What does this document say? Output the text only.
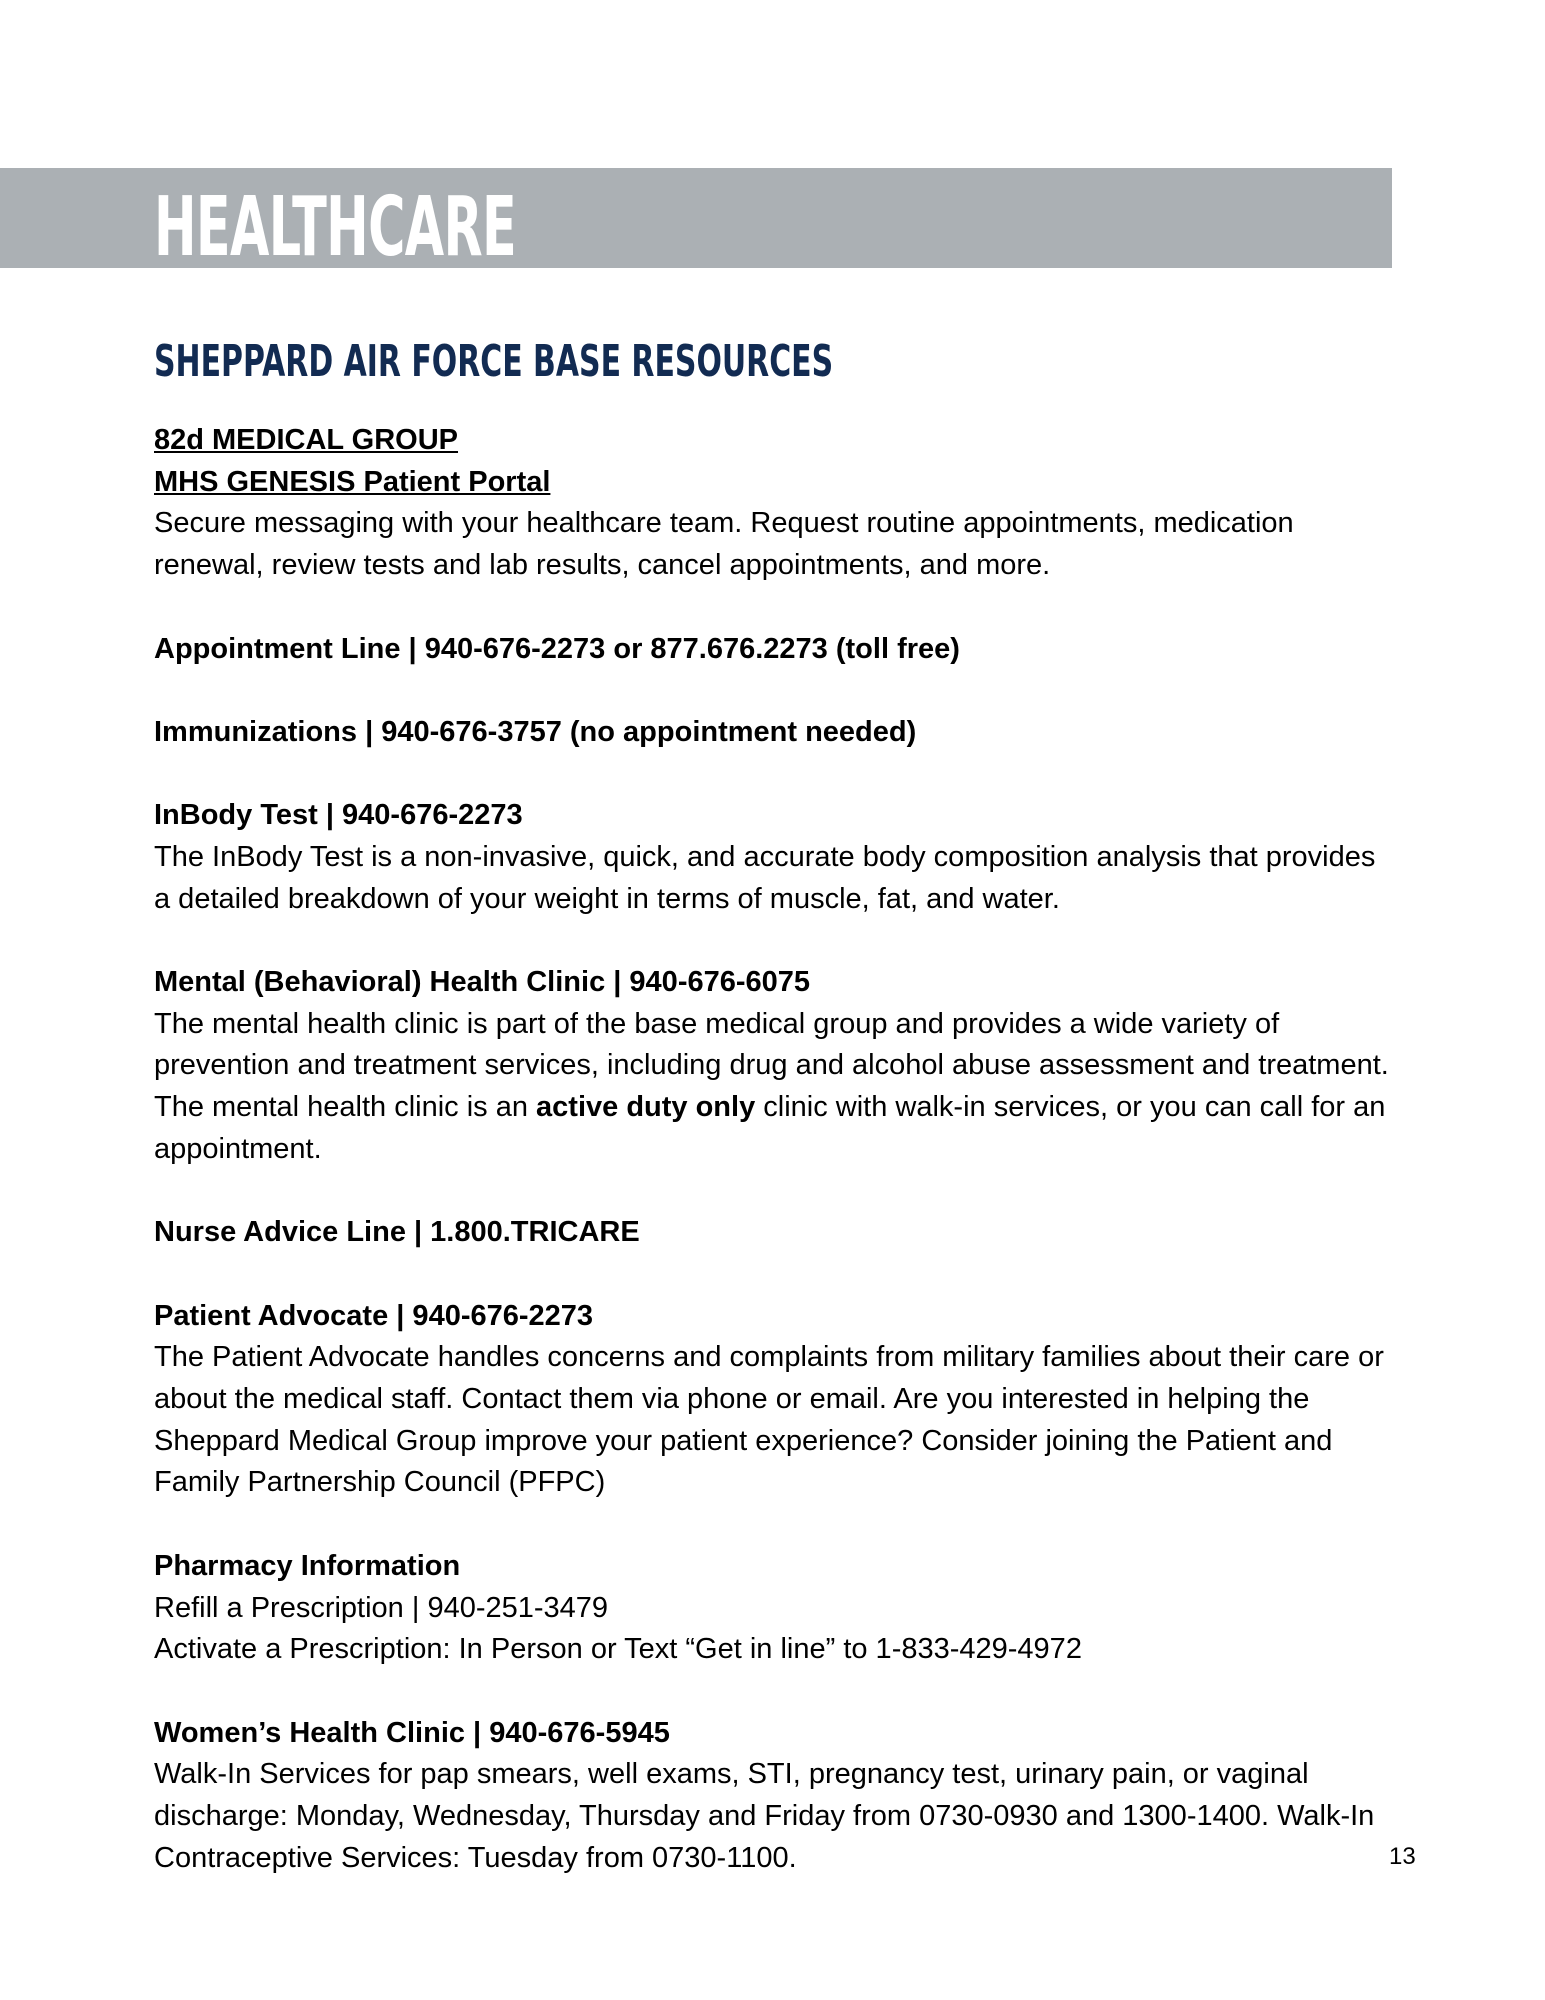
HEALTHCARE
SHEPPARD AIR FORCE BASE RESOURCES

82d MEDICAL GROUP

MHS GENESIS Patient Portal

Secure messaging with your healthcare team. Request routine appointments, medication renewal, review tests and lab results, cancel appointments, and more.

Appointment Line | 940-676-2273 or 877.676.2273 (toll free)

Immunizations | 940-676-3757 (no appointment needed)

InBody Test | 940-676-2273

The InBody Test is a non-invasive, quick, and accurate body composition analysis that provides a detailed breakdown of your weight in terms of muscle, fat, and water.

Mental (Behavioral) Health Clinic | 940-676-6075

The mental health clinic is part of the base medical group and provides a wide variety of prevention and treatment services, including drug and alcohol abuse assessment and treatment. The mental health clinic is an active duty only clinic with walk-in services, or you can call for an appointment.

Nurse Advice Line | 1.800.TRICARE

Patient Advocate | 940-676-2273

The Patient Advocate handles concerns and complaints from military families about their care or about the medical staff. Contact them via phone or email. Are you interested in helping the Sheppard Medical Group improve your patient experience? Consider joining the Patient and Family Partnership Council (PFPC)

Pharmacy Information

Refill a Prescription | 940-251-3479

Activate a Prescription: In Person or Text “Get in line” to 1-833-429-4972

Women’s Health Clinic | 940-676-5945

Walk-In Services for pap smears, well exams, STI, pregnancy test, urinary pain, or vaginal discharge: Monday, Wednesday, Thursday and Friday from 0730-0930 and 1300-1400. Walk-In Contraceptive Services: Tuesday from 0730-1100.	13
